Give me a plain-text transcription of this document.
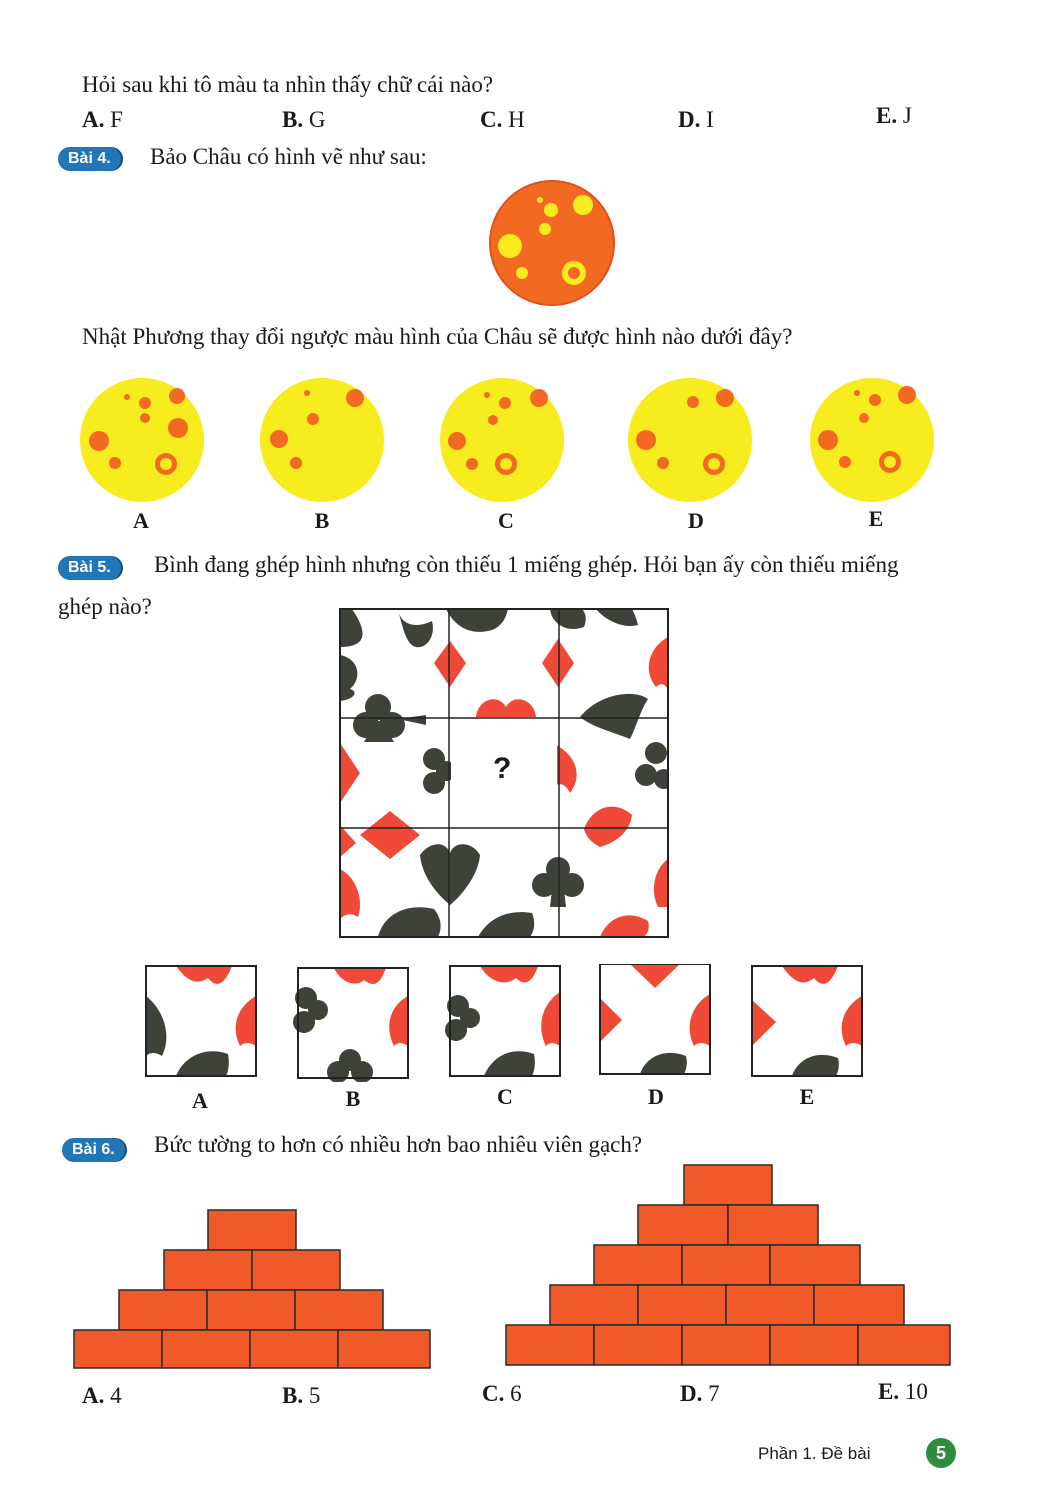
Hỏi sau khi tô màu ta nhìn thấy chữ cái nào?
A. F	B. G	C. H	D. I	E. J
Bài 4.	Bảo Châu có hình vẽ như sau:
Nhật Phương thay đổi ngược màu hình của Châu sẽ được hình nào dưới đây?
A	B	C	D	E
Bài 5.	Bình đang ghép hình nhưng còn thiếu 1 miếng ghép. Hỏi bạn ấy còn thiếu miếng
ghép nào?
?
A	B	C	D	E
Bài 6.	Bức tường to hơn có nhiều hơn bao nhiêu viên gạch?
A. 4	B. 5	C. 6	D. 7	E. 10
Phần 1. Đề bài	5
